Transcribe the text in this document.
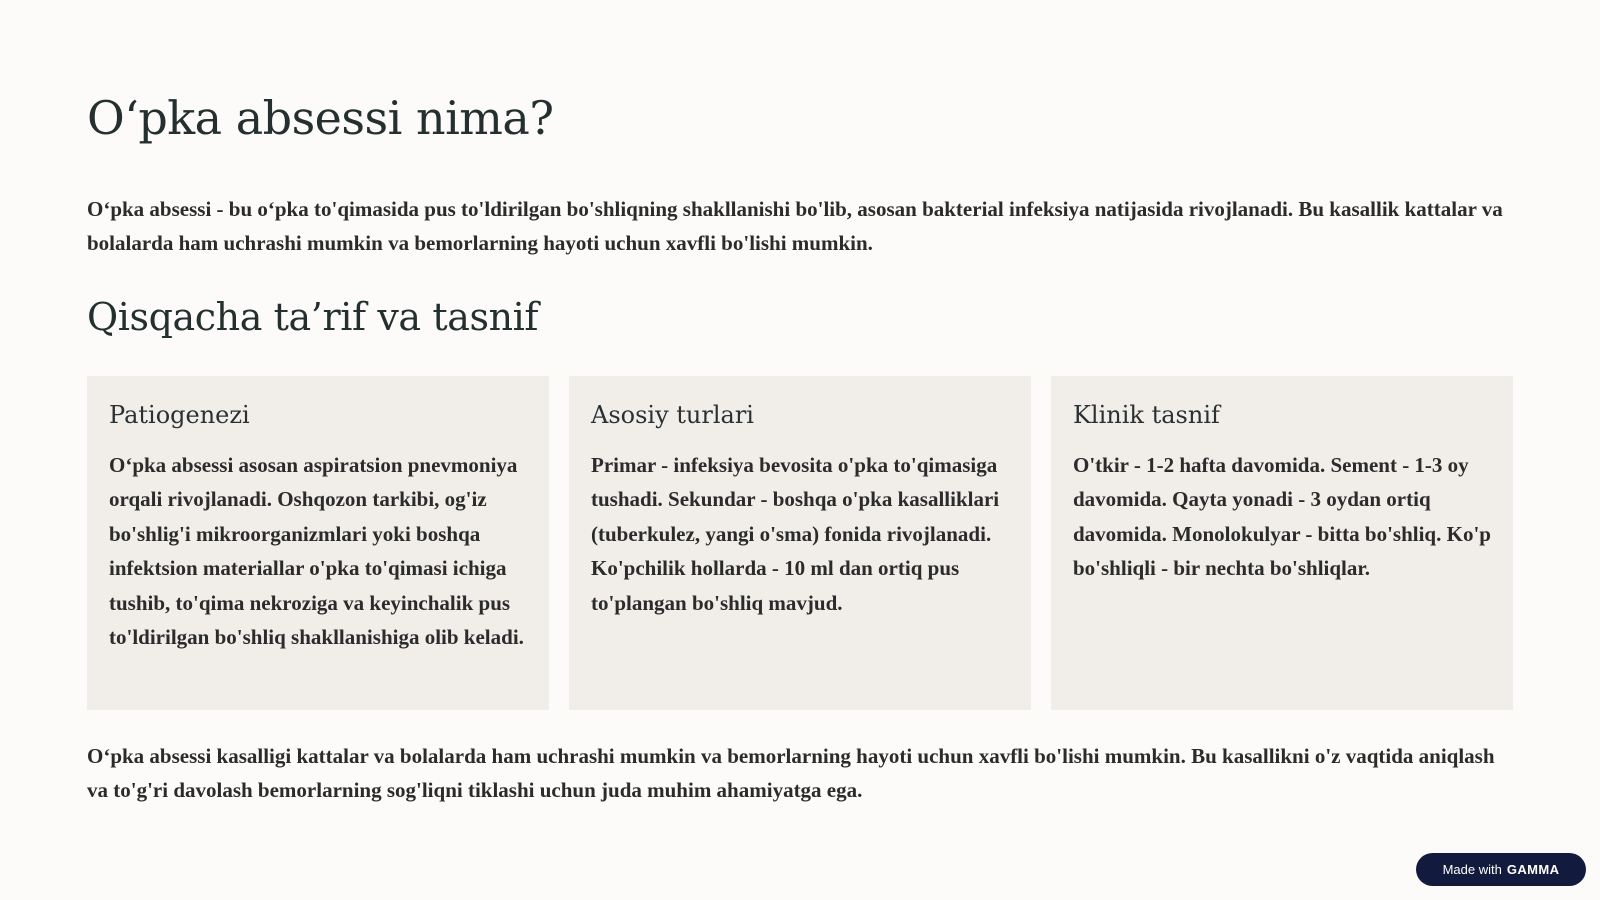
O‘pka absessi nima?

O‘pka absessi - bu o‘pka to'qimasida pus to'ldirilgan bo'shliqning shakllanishi bo'lib, asosan bakterial infeksiya natijasida rivojlanadi. Bu kasallik kattalar va bolalarda ham uchrashi mumkin va bemorlarning hayoti uchun xavfli bo'lishi mumkin.

Qisqacha ta’rif va tasnif
Patiogenezi

O‘pka absessi asosan aspiratsion pnevmoniya orqali rivojlanadi. Oshqozon tarkibi, og'iz bo'shlig'i mikroorganizmlari yoki boshqa infektsion materiallar o'pka to'qimasi ichiga tushib, to'qima nekroziga va keyinchalik pus to'ldirilgan bo'shliq shakllanishiga olib keladi.

Asosiy turlari

Primar - infeksiya bevosita o'pka to'qimasiga tushadi. Sekundar - boshqa o'pka kasalliklari (tuberkulez, yangi o'sma) fonida rivojlanadi. Ko'pchilik hollarda - 10 ml dan ortiq pus to'plangan bo'shliq mavjud.

Klinik tasnif

O'tkir - 1-2 hafta davomida. Sement - 1-3 oy davomida. Qayta yonadi - 3 oydan ortiq davomida. Monolokulyar - bitta bo'shliq. Ko'p bo'shliqli - bir nechta bo'shliqlar.

O‘pka absessi kasalligi kattalar va bolalarda ham uchrashi mumkin va bemorlarning hayoti uchun xavfli bo'lishi mumkin. Bu kasallikni o'z vaqtida aniqlash va to'g'ri davolash bemorlarning sog'liqni tiklashi uchun juda muhim ahamiyatga ega.

Made with GAMMA
